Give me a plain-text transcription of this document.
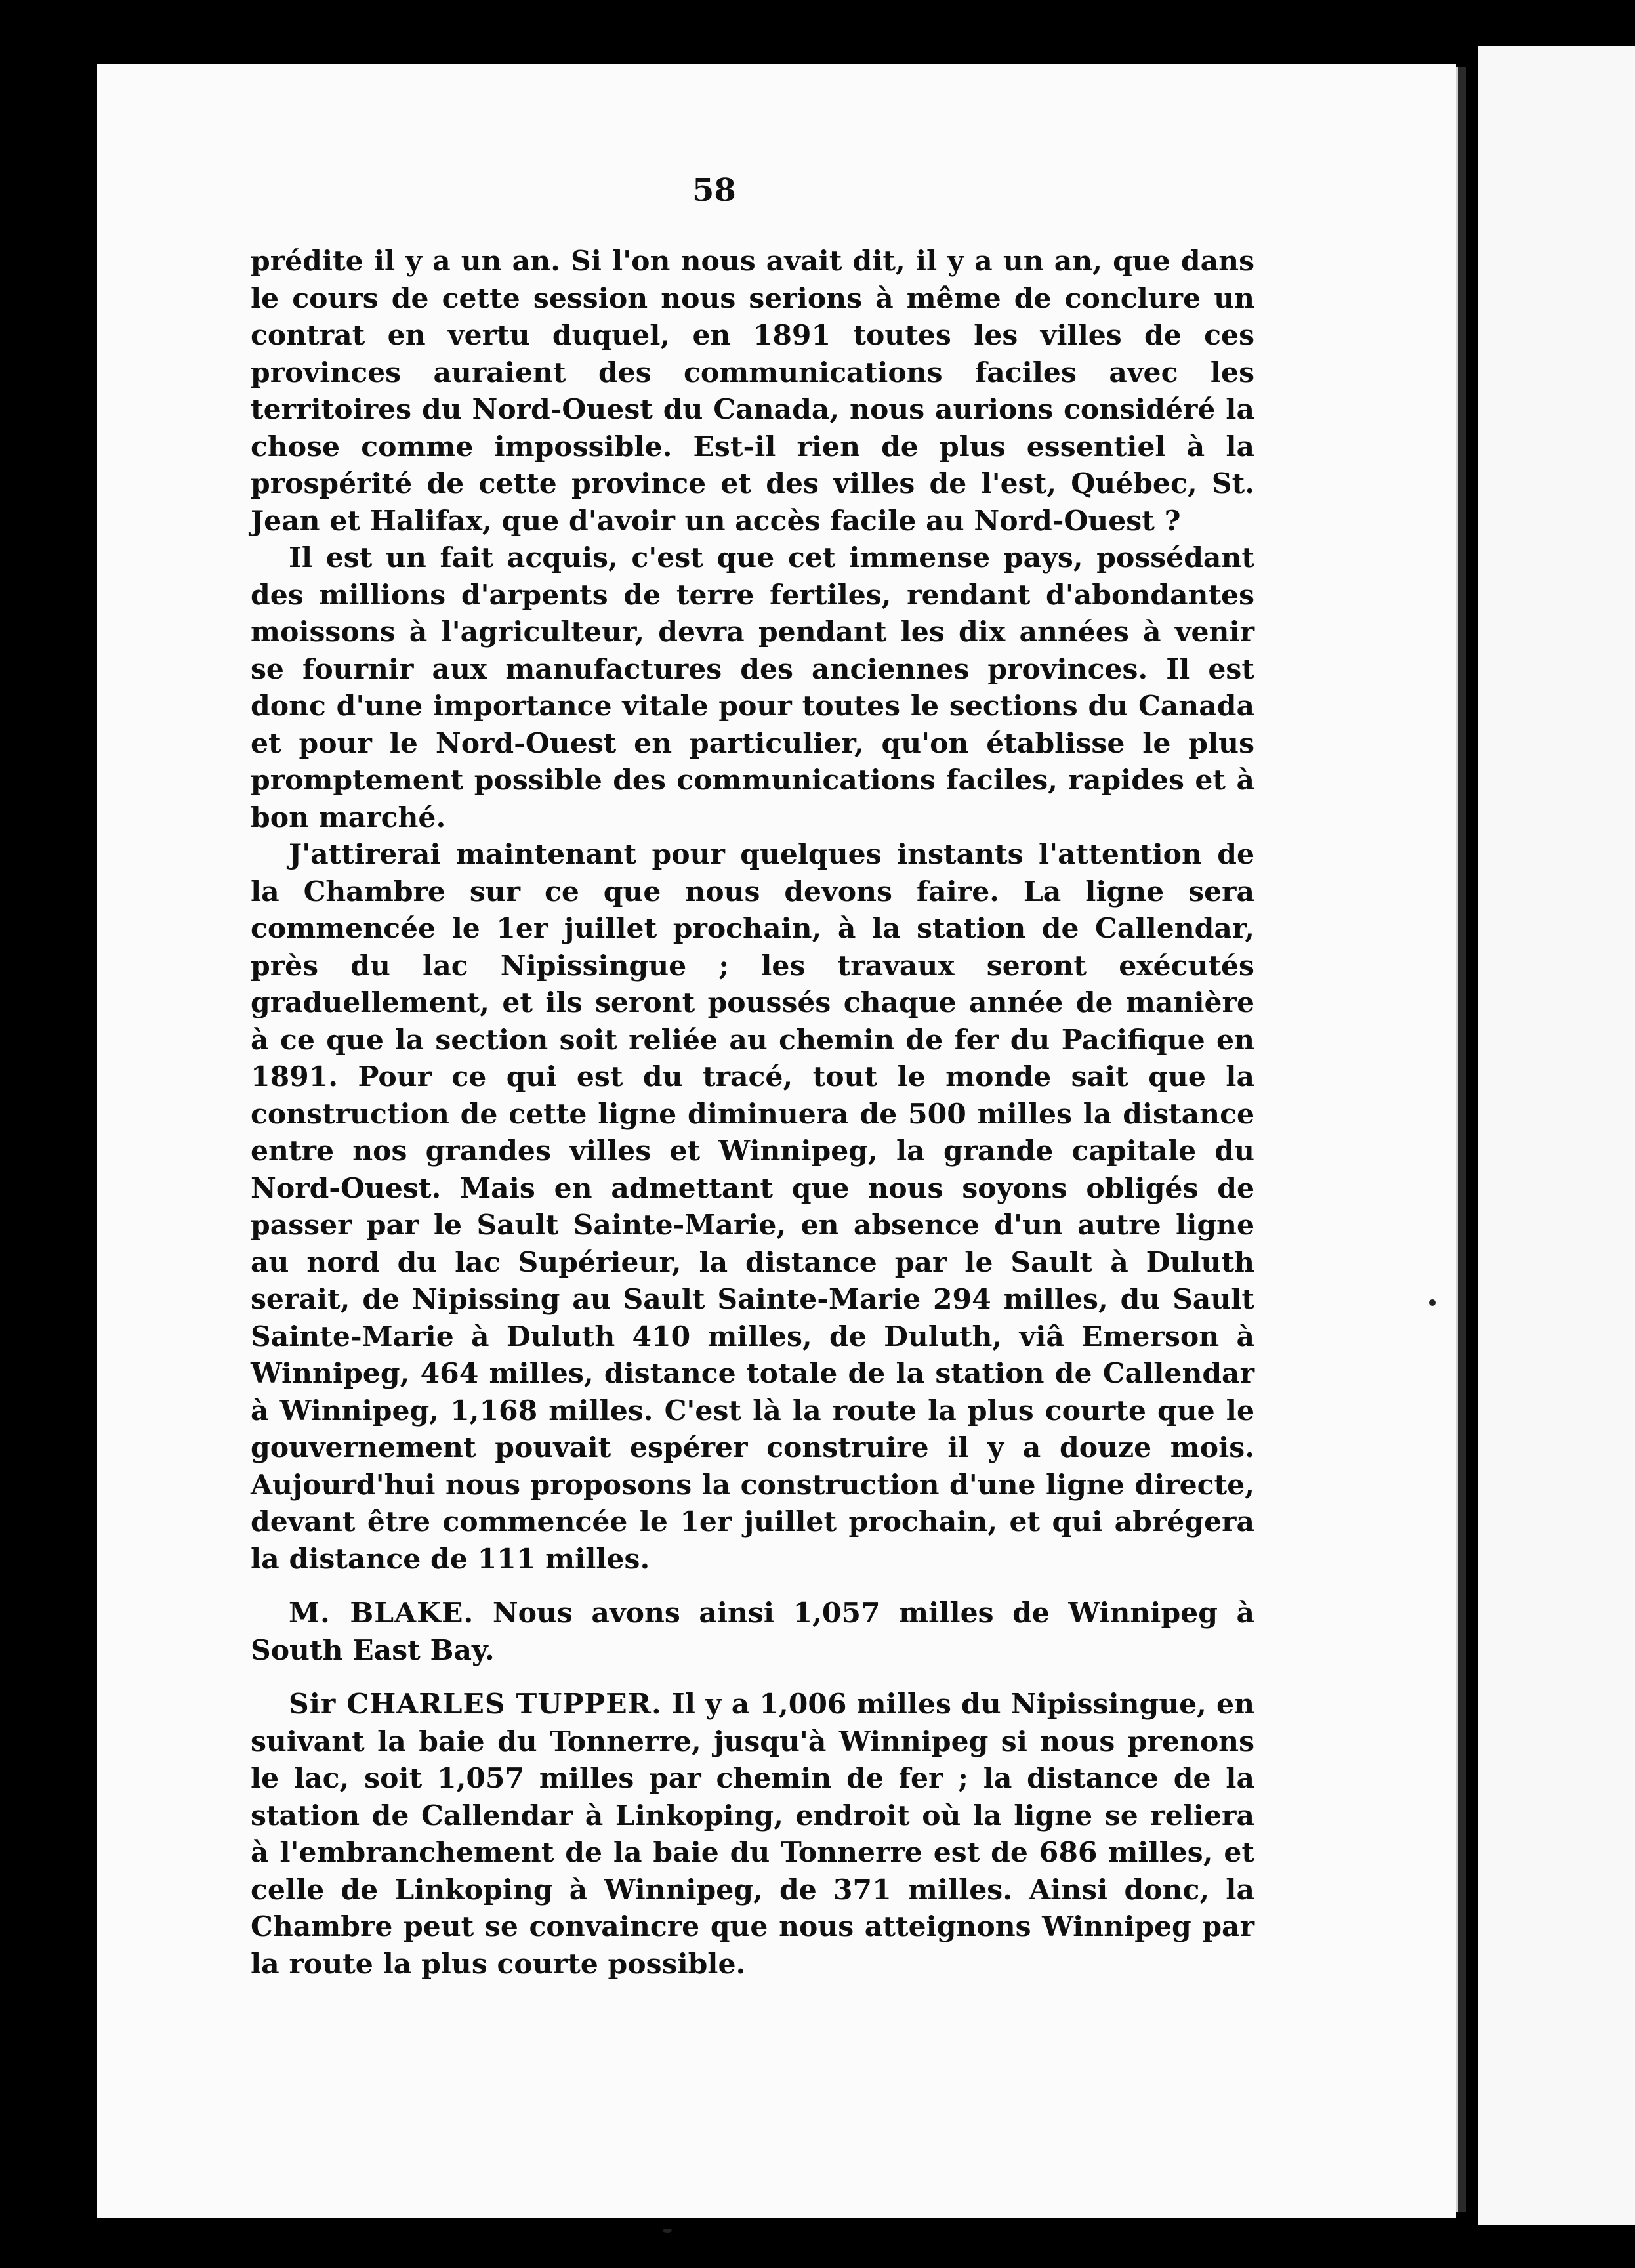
58

prédite il y a un an. Si l'on nous avait dit, il y a un an, que dans le cours de cette session nous serions à même de conclure un contrat en vertu duquel, en 1891 toutes les villes de ces provinces auraient des communications faciles avec les territoires du Nord-Ouest du Canada, nous aurions considéré la chose comme impossible. Est-il rien de plus essentiel à la prospérité de cette province et des villes de l'est, Québec, St. Jean et Halifax, que d'avoir un accès facile au Nord-Ouest ?

Il est un fait acquis, c'est que cet immense pays, possédant des millions d'arpents de terre fertiles, rendant d'abondantes moissons à l'agriculteur, devra pendant les dix années à venir se fournir aux manufactures des anciennes provinces. Il est donc d'une importance vitale pour toutes le sections du Canada et pour le Nord-Ouest en particulier, qu'on établisse le plus promptement possible des communications faciles, rapides et à bon marché.

J'attirerai maintenant pour quelques instants l'attention de la Chambre sur ce que nous devons faire. La ligne sera commencée le 1er juillet prochain, à la station de Callendar, près du lac Nipissingue ; les travaux seront exécutés graduellement, et ils seront poussés chaque année de manière à ce que la section soit reliée au chemin de fer du Pacifique en 1891. Pour ce qui est du tracé, tout le monde sait que la construction de cette ligne diminuera de 500 milles la distance entre nos grandes villes et Winnipeg, la grande capitale du Nord-Ouest. Mais en admettant que nous soyons obligés de passer par le Sault Sainte-Marie, en absence d'un autre ligne au nord du lac Supérieur, la distance par le Sault à Duluth serait, de Nipissing au Sault Sainte-Marie 294 milles, du Sault Sainte-Marie à Duluth 410 milles, de Duluth, viâ Emerson à Winnipeg, 464 milles, distance totale de la station de Callendar à Winnipeg, 1,168 milles. C'est là la route la plus courte que le gouvernement pouvait espérer construire il y a douze mois. Aujourd'hui nous proposons la construction d'une ligne directe, devant être commencée le 1er juillet prochain, et qui abrégera la distance de 111 milles.

M. BLAKE. Nous avons ainsi 1,057 milles de Winnipeg à South East Bay.

Sir CHARLES TUPPER. Il y a 1,006 milles du Nipissingue, en suivant la baie du Tonnerre, jusqu'à Winnipeg si nous prenons le lac, soit 1,057 milles par chemin de fer ; la distance de la station de Callendar à Linkoping, endroit où la ligne se reliera à l'embranchement de la baie du Tonnerre est de 686 milles, et celle de Linkoping à Winnipeg, de 371 milles. Ainsi donc, la Chambre peut se convaincre que nous atteignons Winnipeg par la route la plus courte possible.
